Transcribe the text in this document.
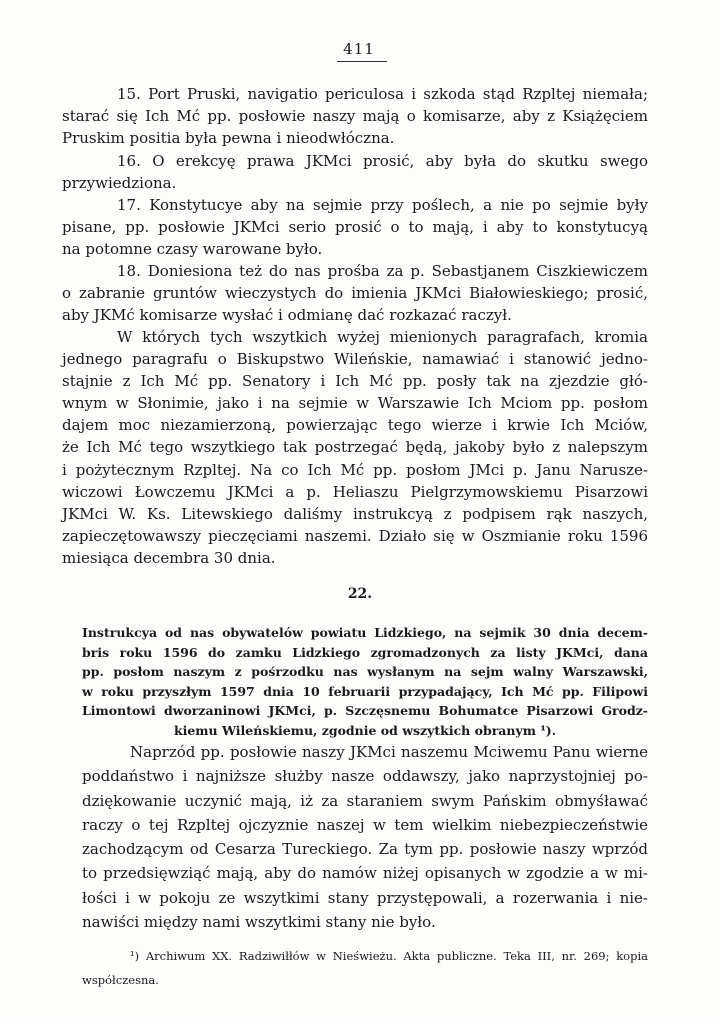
411
15. Port Pruski, navigatio periculosa i szkoda stąd Rzpltej niemała;
starać się Ich Mć pp. posłowie naszy mają o komisarze, aby z Książęciem
Pruskim positia była pewna i nieodwłóczna.
16. O erekcyę prawa JKMci prosić, aby była do skutku swego
przywiedziona.
17. Konstytucye aby na sejmie przy poślech, a nie po sejmie były
pisane, pp. posłowie JKMci serio prosić o to mają, i aby to konstytucyą
na potomne czasy warowane było.
18. Doniesiona też do nas prośba za p. Sebastjanem Ciszkiewiczem
o zabranie gruntów wieczystych do imienia JKMci Białowieskiego; prosić,
aby JKMć komisarze wysłać i odmianę dać rozkazać raczył.
W których tych wszytkich wyżej mienionych paragrafach, kromia
jednego paragrafu o Biskupstwo Wileńskie, namawiać i stanowić jedno-
stajnie z Ich Mć pp. Senatory i Ich Mć pp. posły tak na zjezdzie głó-
wnym w Słonimie, jako i na sejmie w Warszawie Ich Mciom pp. posłom
dajem moc niezamierzoną, powierzając tego wierze i krwie Ich Mciów,
że Ich Mć tego wszytkiego tak postrzegać będą, jakoby było z nalepszym
i pożytecznym Rzpltej. Na co Ich Mć pp. posłom JMci p. Janu Narusze-
wiczowi Łowczemu JKMci a p. Heliaszu Pielgrzymowskiemu Pisarzowi
JKMci W. Ks. Litewskiego daliśmy instrukcyą z podpisem rąk naszych,
zapieczętowawszy pieczęciami naszemi. Działo się w Oszmianie roku 1596
miesiąca decembra 30 dnia.
22.
Instrukcya od nas obywatelów powiatu Lidzkiego, na sejmik 30 dnia decem-
bris roku 1596 do zamku Lidzkiego zgromadzonych za listy JKMci, dana
pp. posłom naszym z pośrzodku nas wysłanym na sejm walny Warszawski,
w roku przyszłym 1597 dnia 10 februarii przypadający, Ich Mć pp. Filipowi
Limontowi dworzaninowi JKMci, p. Szczęsnemu Bohumatce Pisarzowi Grodz-
kiemu Wileńskiemu, zgodnie od wszytkich obranym ¹).
Naprzód pp. posłowie naszy JKMci naszemu Mciwemu Panu wierne
poddaństwo i najniższe służby nasze oddawszy, jako naprzystojniej po-
dziękowanie uczynić mają, iż za staraniem swym Pańskim obmyśławać
raczy o tej Rzpltej ojczyznie naszej w tem wielkim niebezpieczeństwie
zachodzącym od Cesarza Tureckiego. Za tym pp. posłowie naszy wprzód
to przedsięwziąć mają, aby do namów niżej opisanych w zgodzie a w mi-
łości i w pokoju ze wszytkimi stany przystępowali, a rozerwania i nie-
nawiści między nami wszytkimi stany nie było.
¹) Archiwum XX. Radziwiłłów w Nieświeżu. Akta publiczne. Teka III, nr. 269; kopia
współczesna.
